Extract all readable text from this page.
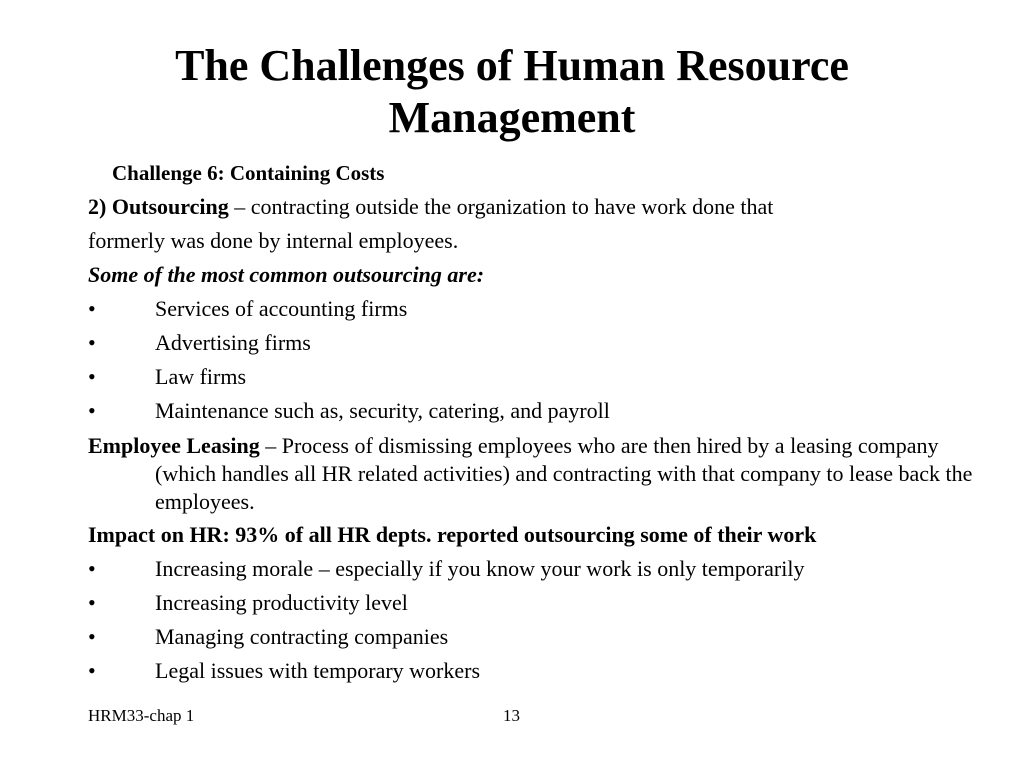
The Challenges of Human Resource
Management
Challenge 6: Containing Costs
2) Outsourcing – contracting outside the organization to have work done that
formerly was done by internal employees.
Some of the most common outsourcing are:
•	Services of accounting firms
•	Advertising firms
•	Law firms
•	Maintenance such as, security, catering, and payroll
Employee Leasing – Process of dismissing employees who are then hired by a leasing company (which handles all HR related activities) and contracting with that company to lease back the employees.
Impact on HR: 93% of all HR depts. reported outsourcing some of their work
•	Increasing morale – especially if you know your work is only temporarily
•	Increasing productivity level
•	Managing contracting companies
•	Legal issues with temporary workers
HRM33-chap 1	13
